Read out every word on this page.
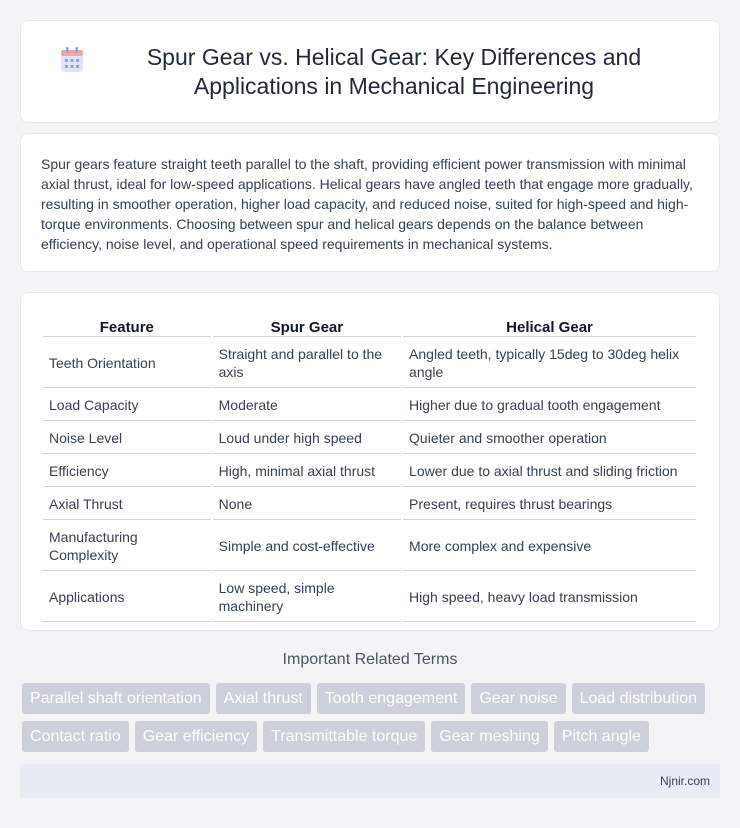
Spur Gear vs. Helical Gear: Key Differences and Applications in Mechanical Engineering

Spur gears feature straight teeth parallel to the shaft, providing efficient power transmission with minimal axial thrust, ideal for low-speed applications. Helical gears have angled teeth that engage more gradually, resulting in smoother operation, higher load capacity, and reduced noise, suited for high-speed and high-torque environments. Choosing between spur and helical gears depends on the balance between efficiency, noise level, and operational speed requirements in mechanical systems.

Feature	Spur Gear	Helical Gear
Teeth Orientation	Straight and parallel to the axis	Angled teeth, typically 15deg to 30deg helix angle
Load Capacity	Moderate	Higher due to gradual tooth engagement
Noise Level	Loud under high speed	Quieter and smoother operation
Efficiency	High, minimal axial thrust	Lower due to axial thrust and sliding friction
Axial Thrust	None	Present, requires thrust bearings
Manufacturing Complexity	Simple and cost-effective	More complex and expensive
Applications	Low speed, simple machinery	High speed, heavy load transmission
Important Related Terms
Parallel shaft orientation	Axial thrust	Tooth engagement	Gear noise	Load distribution
Contact ratio	Gear efficiency	Transmittable torque	Gear meshing	Pitch angle
Njnir.com
